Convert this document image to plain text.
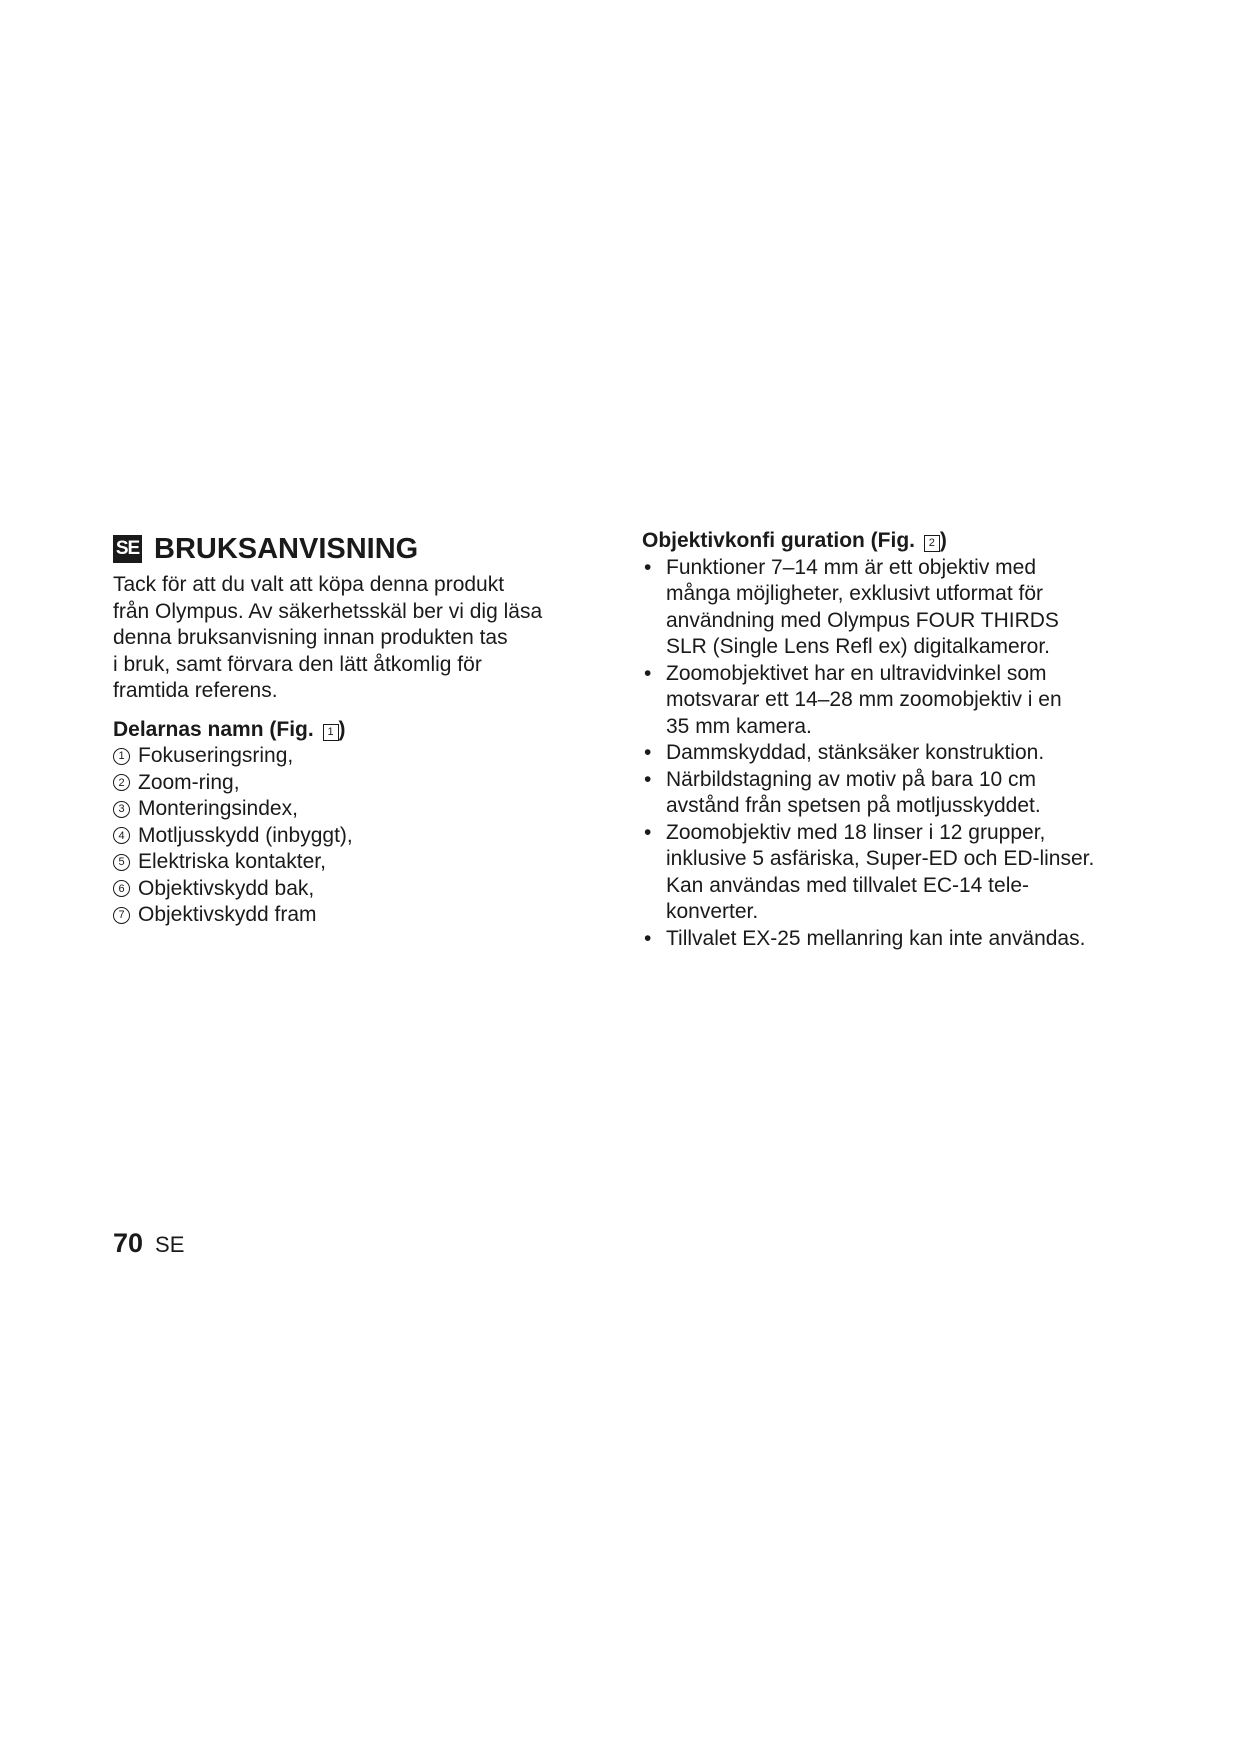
SE BRUKSANVISNING
Tack för att du valt att köpa denna produkt
från Olympus. Av säkerhetsskäl ber vi dig läsa
denna bruksanvisning innan produkten tas
i bruk, samt förvara den lätt åtkomlig för
framtida referens.
Delarnas namn (Fig. 1 )
1 Fokuseringsring,
2 Zoom-ring,
3 Monteringsindex,
4 Motljusskydd (inbyggt),
5 Elektriska kontakter,
6 Objektivskydd bak,
7 Objektivskydd fram
Objektivkonfi guration (Fig. 2 )
• Funktioner 7–14 mm är ett objektiv med
många möjligheter, exklusivt utformat för
användning med Olympus FOUR THIRDS
SLR (Single Lens Refl ex) digitalkameror.
• Zoomobjektivet har en ultravidvinkel som
motsvarar ett 14–28 mm zoomobjektiv i en
35 mm kamera.
• Dammskyddad, stänksäker konstruktion.
• Närbildstagning av motiv på bara 10 cm
avstånd från spetsen på motljusskyddet.
• Zoomobjektiv med 18 linser i 12 grupper,
inklusive 5 asfäriska, Super-ED och ED-linser.
Kan användas med tillvalet EC-14 tele-
konverter.
• Tillvalet EX-25 mellanring kan inte användas.
70 SE
